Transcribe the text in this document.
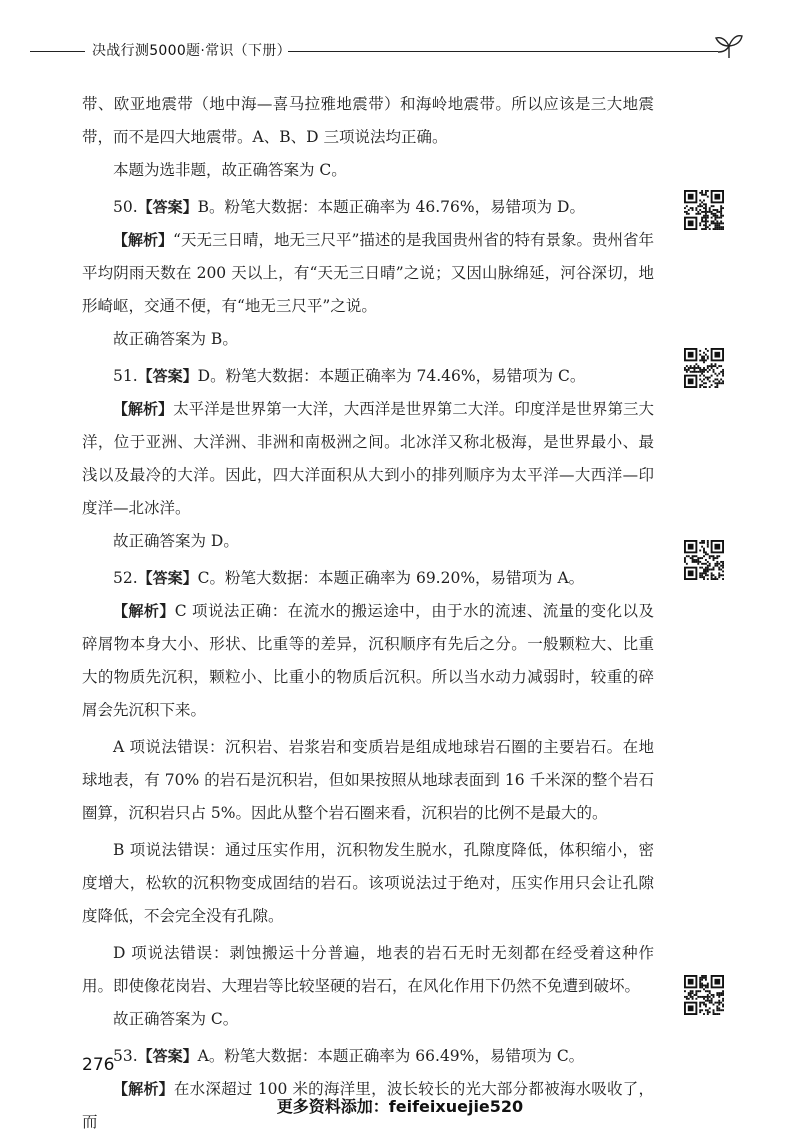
决战行测5000题·常识（下册）

带、欧亚地震带（地中海—喜马拉雅地震带）和海岭地震带。所以应该是三大地震带，而不是四大地震带。A、B、D 三项说法均正确。

本题为选非题，故正确答案为 C。

50.【答案】B。粉笔大数据：本题正确率为 46.76%，易错项为 D。

【解析】“天无三日晴，地无三尺平”描述的是我国贵州省的特有景象。贵州省年平均阴雨天数在 200 天以上，有“天无三日晴”之说；又因山脉绵延，河谷深切，地形崎岖，交通不便，有“地无三尺平”之说。

故正确答案为 B。

51.【答案】D。粉笔大数据：本题正确率为 74.46%，易错项为 C。

【解析】太平洋是世界第一大洋，大西洋是世界第二大洋。印度洋是世界第三大洋，位于亚洲、大洋洲、非洲和南极洲之间。北冰洋又称北极海，是世界最小、最浅以及最冷的大洋。因此，四大洋面积从大到小的排列顺序为太平洋—大西洋—印度洋—北冰洋。

故正确答案为 D。

52.【答案】C。粉笔大数据：本题正确率为 69.20%，易错项为 A。

【解析】C 项说法正确：在流水的搬运途中，由于水的流速、流量的变化以及碎屑物本身大小、形状、比重等的差异，沉积顺序有先后之分。一般颗粒大、比重大的物质先沉积，颗粒小、比重小的物质后沉积。所以当水动力减弱时，较重的碎屑会先沉积下来。

A 项说法错误：沉积岩、岩浆岩和变质岩是组成地球岩石圈的主要岩石。在地球地表，有 70% 的岩石是沉积岩，但如果按照从地球表面到 16 千米深的整个岩石圈算，沉积岩只占 5%。因此从整个岩石圈来看，沉积岩的比例不是最大的。

B 项说法错误：通过压实作用，沉积物发生脱水，孔隙度降低，体积缩小，密度增大，松软的沉积物变成固结的岩石。该项说法过于绝对，压实作用只会让孔隙度降低，不会完全没有孔隙。

D 项说法错误：剥蚀搬运十分普遍，地表的岩石无时无刻都在经受着这种作用。即使像花岗岩、大理岩等比较坚硬的岩石，在风化作用下仍然不免遭到破坏。

故正确答案为 C。

53.【答案】A。粉笔大数据：本题正确率为 66.49%，易错项为 C。

【解析】在水深超过 100 米的海洋里，波长较长的光大部分都被海水吸收了，而

276
更多资料添加：feifeixuejie520
